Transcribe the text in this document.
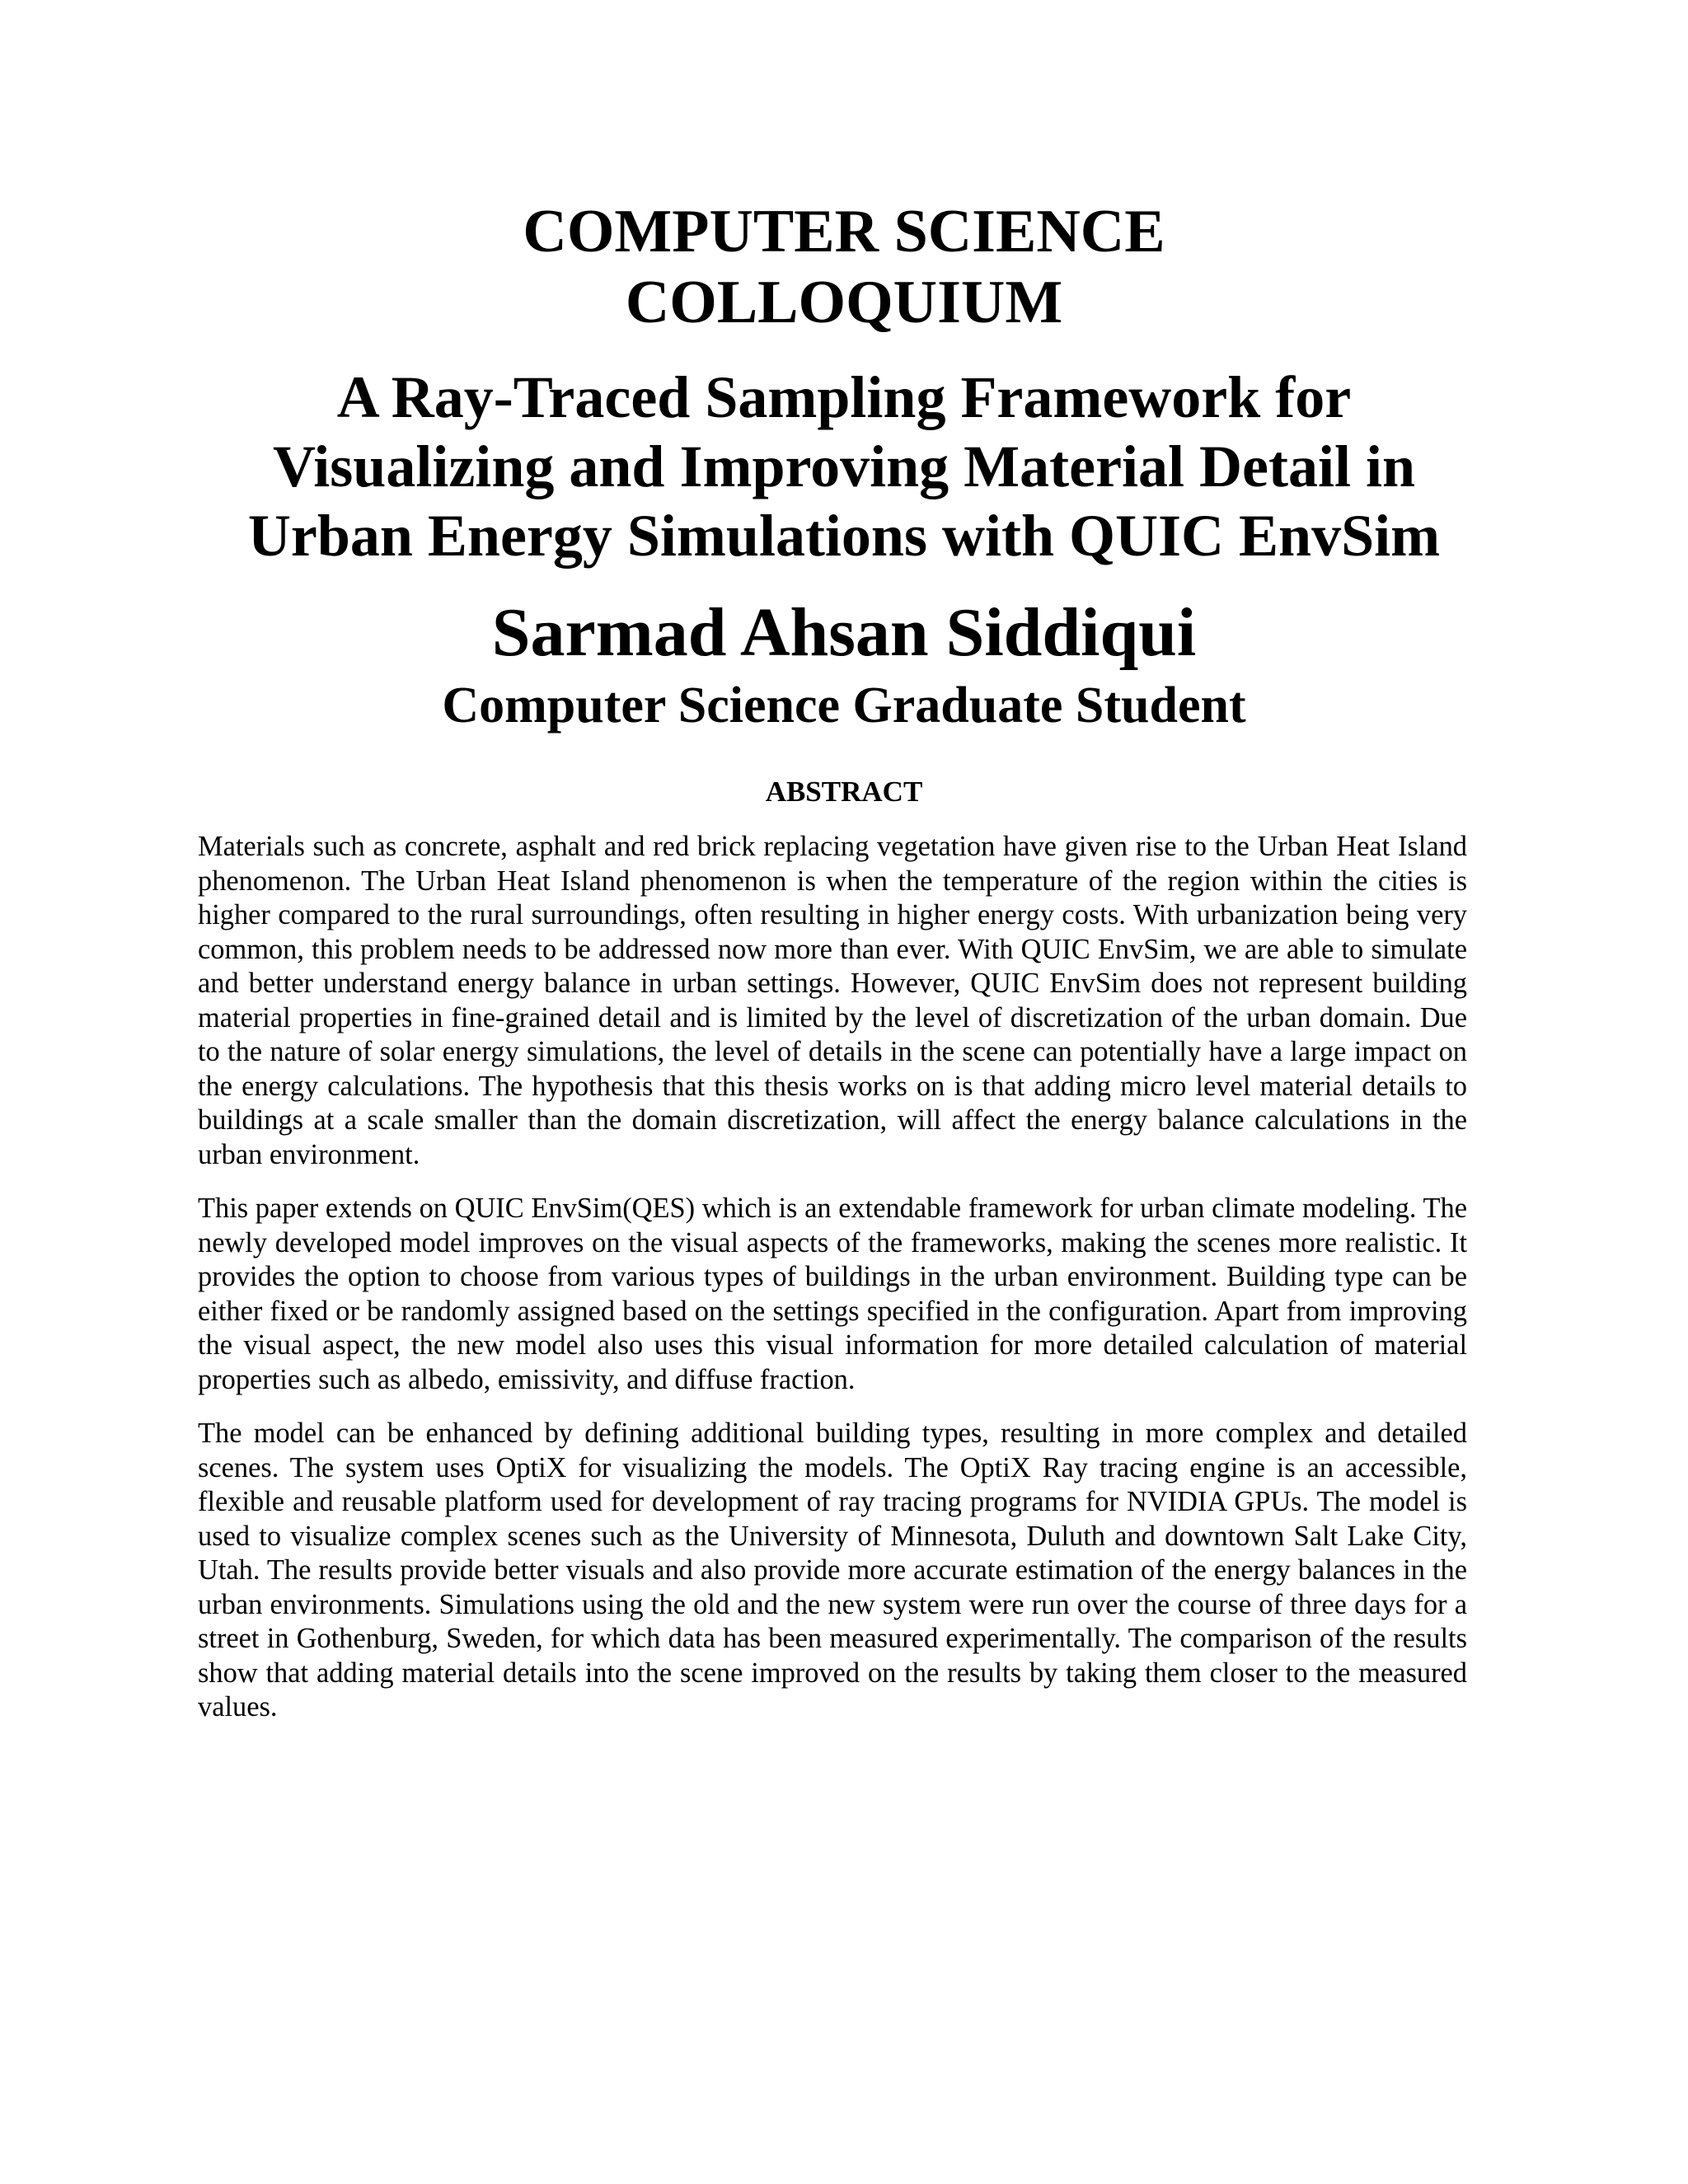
COMPUTER SCIENCE
COLLOQUIUM
A Ray-Traced Sampling Framework for
Visualizing and Improving Material Detail in
Urban Energy Simulations with QUIC EnvSim
Sarmad Ahsan Siddiqui
Computer Science Graduate Student
ABSTRACT

Materials such as concrete, asphalt and red brick replacing vegetation have given rise to the Urban Heat Island phenomenon. The Urban Heat Island phenomenon is when the temperature of the region within the cities is higher compared to the rural surroundings, often resulting in higher energy costs. With urbanization being very common, this problem needs to be addressed now more than ever. With QUIC EnvSim, we are able to simulate and better understand energy balance in urban settings. However, QUIC EnvSim does not represent building material properties in fine-grained detail and is limited by the level of discretization of the urban domain. Due to the nature of solar energy simulations, the level of details in the scene can potentially have a large impact on the energy calculations. The hypothesis that this thesis works on is that adding micro level material details to buildings at a scale smaller than the domain discretization, will affect the energy balance calculations in the urban environment.

This paper extends on QUIC EnvSim(QES) which is an extendable framework for urban climate modeling. The newly developed model improves on the visual aspects of the frameworks, making the scenes more realistic. It provides the option to choose from various types of buildings in the urban environment. Building type can be either fixed or be randomly assigned based on the settings specified in the configuration. Apart from improving the visual aspect, the new model also uses this visual information for more detailed calculation of material properties such as albedo, emissivity, and diffuse fraction.

The model can be enhanced by defining additional building types, resulting in more complex and detailed scenes. The system uses OptiX for visualizing the models. The OptiX Ray tracing engine is an accessible, flexible and reusable platform used for development of ray tracing programs for NVIDIA GPUs. The model is used to visualize complex scenes such as the University of Minnesota, Duluth and downtown Salt Lake City, Utah. The results provide better visuals and also provide more accurate estimation of the energy balances in the urban environments. Simulations using the old and the new system were run over the course of three days for a street in Gothenburg, Sweden, for which data has been measured experimentally. The comparison of the results show that adding material details into the scene improved on the results by taking them closer to the measured values.
